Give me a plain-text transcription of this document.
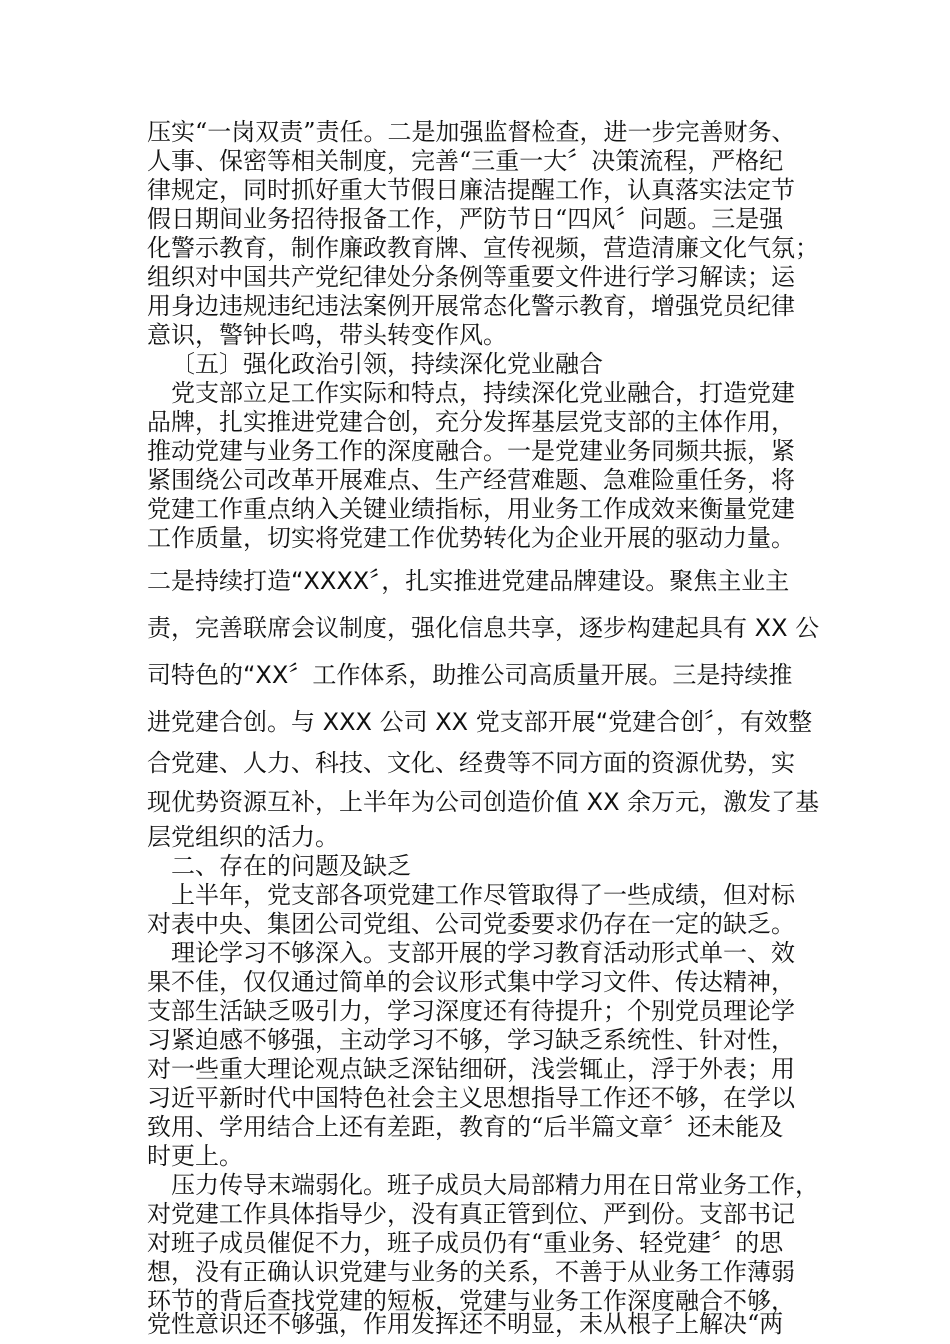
压实“一岗双责”责任。二是加强监督检查，进一步完善财务、

人事、保密等相关制度，完善“三重一大〞决策流程，严格纪

律规定，同时抓好重大节假日廉洁提醒工作，认真落实法定节

假日期间业务招待报备工作，严防节日“四风〞问题。三是强

化警示教育，制作廉政教育牌、宣传视频，营造清廉文化气氛；

组织对中国共产党纪律处分条例等重要文件进行学习解读；运

用身边违规违纪违法案例开展常态化警示教育，增强党员纪律

意识，警钟长鸣，带头转变作风。

〔五〕强化政治引领，持续深化党业融合

党支部立足工作实际和特点，持续深化党业融合，打造党建

品牌，扎实推进党建合创，充分发挥基层党支部的主体作用，

推动党建与业务工作的深度融合。一是党建业务同频共振，紧

紧围绕公司改革开展难点、生产经营难题、急难险重任务，将

党建工作重点纳入关键业绩指标，用业务工作成效来衡量党建

工作质量，切实将党建工作优势转化为企业开展的驱动力量。

二是持续打造“XXXX〞，扎实推进党建品牌建设。聚焦主业主

责，完善联席会议制度，强化信息共享，逐步构建起具有 XX 公

司特色的“XX〞工作体系，助推公司高质量开展。三是持续推

进党建合创。与 XXX 公司 XX 党支部开展“党建合创〞，有效整

合党建、人力、科技、文化、经费等不同方面的资源优势，实

现优势资源互补，上半年为公司创造价值 XX 余万元，激发了基

层党组织的活力。

二、存在的问题及缺乏

上半年，党支部各项党建工作尽管取得了一些成绩，但对标

对表中央、集团公司党组、公司党委要求仍存在一定的缺乏。

理论学习不够深入。支部开展的学习教育活动形式单一、效

果不佳，仅仅通过简单的会议形式集中学习文件、传达精神，

支部生活缺乏吸引力，学习深度还有待提升；个别党员理论学

习紧迫感不够强，主动学习不够，学习缺乏系统性、针对性，

对一些重大理论观点缺乏深钻细研，浅尝辄止，浮于外表；用

习近平新时代中国特色社会主义思想指导工作还不够，在学以

致用、学用结合上还有差距，教育的“后半篇文章〞还未能及

时更上。

压力传导末端弱化。班子成员大局部精力用在日常业务工作，

对党建工作具体指导少，没有真正管到位、严到份。支部书记

对班子成员催促不力，班子成员仍有“重业务、轻党建〞的思

想，没有正确认识党建与业务的关系，不善于从业务工作薄弱

环节的背后查找党建的短板，党建与业务工作深度融合不够，

党性意识还不够强，作用发挥还不明显，未从根子上解决“两
